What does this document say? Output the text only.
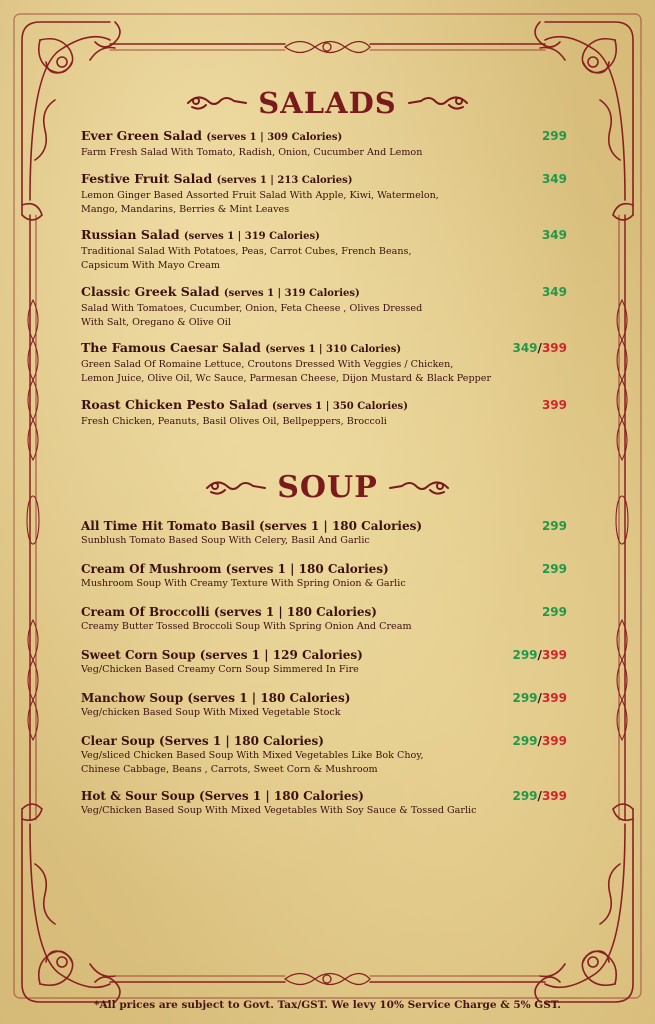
SALADS
Ever Green Salad (serves 1 | 309 Calories)
Farm Fresh Salad With Tomato, Radish, Onion, Cucumber And Lemon
299
Festive Fruit Salad (serves 1 | 213 Calories)
Lemon Ginger Based Assorted Fruit Salad With Apple, Kiwi, Watermelon,
Mango, Mandarins, Berries & Mint Leaves
349
Russian Salad (serves 1 | 319 Calories)
Traditional Salad With Potatoes, Peas, Carrot Cubes, French Beans,
Capsicum With Mayo Cream
349
Classic Greek Salad (serves 1 | 319 Calories)
Salad With Tomatoes, Cucumber, Onion, Feta Cheese , Olives Dressed
With Salt, Oregano & Olive Oil
349
The Famous Caesar Salad (serves 1 | 310 Calories)
Green Salad Of Romaine Lettuce, Croutons Dressed With Veggies / Chicken,
Lemon Juice, Olive Oil, Wc Sauce, Parmesan Cheese, Dijon Mustard & Black Pepper
349/399
Roast Chicken Pesto Salad (serves 1 | 350 Calories)
Fresh Chicken, Peanuts, Basil Olives Oil, Bellpeppers, Broccoli
399
SOUP
All Time Hit Tomato Basil (serves 1 | 180 Calories)
Sunblush Tomato Based Soup With Celery, Basil And Garlic
299
Cream Of Mushroom (serves 1 | 180 Calories)
Mushroom Soup With Creamy Texture With Spring Onion & Garlic
299
Cream Of Broccolli (serves 1 | 180 Calories)
Creamy Butter Tossed Broccoli Soup With Spring Onion And Cream
299
Sweet Corn Soup (serves 1 | 129 Calories)
Veg/Chicken Based Creamy Corn Soup Simmered In Fire
299/399
Manchow Soup (serves 1 | 180 Calories)
Veg/chicken Based Soup With Mixed Vegetable Stock
299/399
Clear Soup (Serves 1 | 180 Calories)
Veg/sliced Chicken Based Soup With Mixed Vegetables Like Bok Choy,
Chinese Cabbage, Beans , Carrots, Sweet Corn & Mushroom
299/399
Hot & Sour Soup (Serves 1 | 180 Calories)
Veg/Chicken Based Soup With Mixed Vegetables With Soy Sauce & Tossed Garlic
299/399
*All prices are subject to Govt. Tax/GST. We levy 10% Service Charge & 5% GST.
